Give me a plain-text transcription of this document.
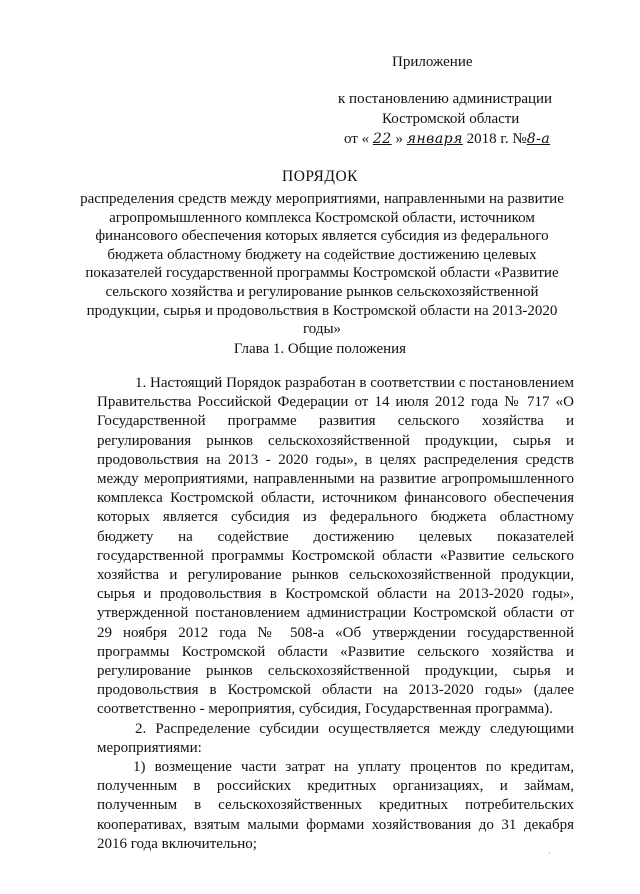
Приложение
к постановлению администрации
Костромской области
от « 22 » января 2018 г. №8-а
ПОРЯДОК
распределения средств между мероприятиями, направленными на развитие агропромышленного комплекса Костромской области, источником финансового обеспечения которых является субсидия из федерального бюджета областному бюджету на содействие достижению целевых показателей государственной программы Костромской области «Развитие сельского хозяйства и регулирование рынков сельскохозяйственной продукции, сырья и продовольствия в Костромской области на 2013-2020 годы»
Глава 1. Общие положения

1. Настоящий Порядок разработан в соответствии с постановлением Правительства Российской Федерации от 14 июля 2012 года № 717 «О Государственной программе развития сельского хозяйства и регулирования рынков сельскохозяйственной продукции, сырья и продовольствия на 2013 - 2020 годы», в целях распределения средств между мероприятиями, направленными на развитие агропромышленного комплекса Костромской области, источником финансового обеспечения которых является субсидия из федерального бюджета областному бюджету на содействие достижению целевых показателей государственной программы Костромской области «Развитие сельского хозяйства и регулирование рынков сельскохозяйственной продукции, сырья и продовольствия в Костромской области на 2013-2020 годы», утвержденной постановлением администрации Костромской области от 29 ноября 2012 года № 508-а «Об утверждении государственной программы Костромской области «Развитие сельского хозяйства и регулирование рынков сельскохозяйственной продукции, сырья и продовольствия в Костромской области на 2013-2020 годы» (далее соответственно - мероприятия, субсидия, Государственная программа).

2. Распределение субсидии осуществляется между следующими мероприятиями:

1) возмещение части затрат на уплату процентов по кредитам, полученным в российских кредитных организациях, и займам, полученным в сельскохозяйственных кредитных потребительских кооперативах, взятым малыми формами хозяйствования до 31 декабря 2016 года включительно;

·
